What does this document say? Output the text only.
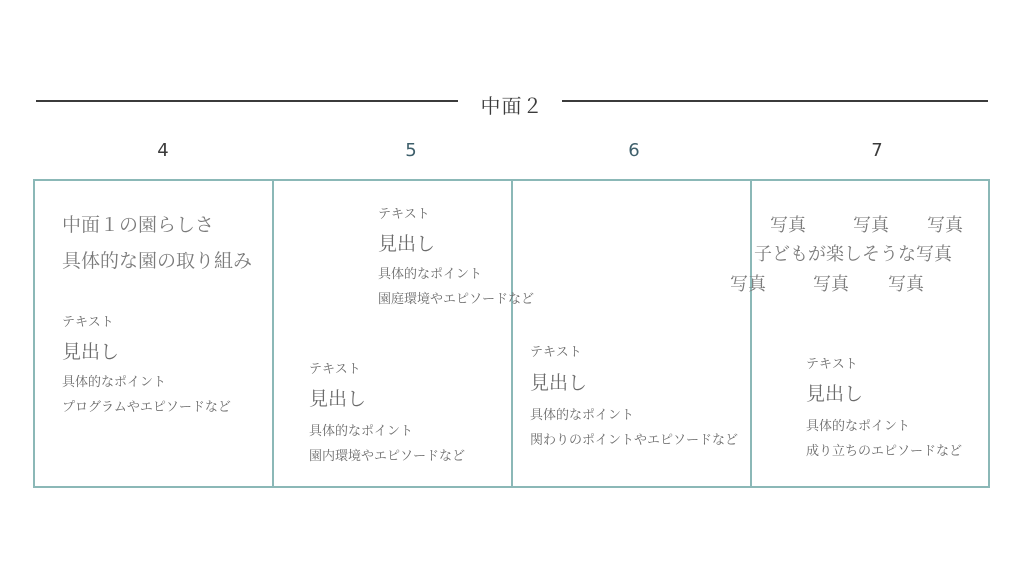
中面２
4	5	6	7
中面１の園らしさ
具体的な園の取り組み
テキスト
見出し
具体的なポイント
プログラムやエピソードなど
テキスト
見出し
具体的なポイント
園庭環境やエピソードなど
テキスト
見出し
具体的なポイント
園内環境やエピソードなど
テキスト
見出し
具体的なポイント
関わりのポイントやエピソードなど
写真	写真 写真
子どもが楽しそうな写真
写真	写真 写真
テキスト
見出し
具体的なポイント
成り立ちのエピソードなど
